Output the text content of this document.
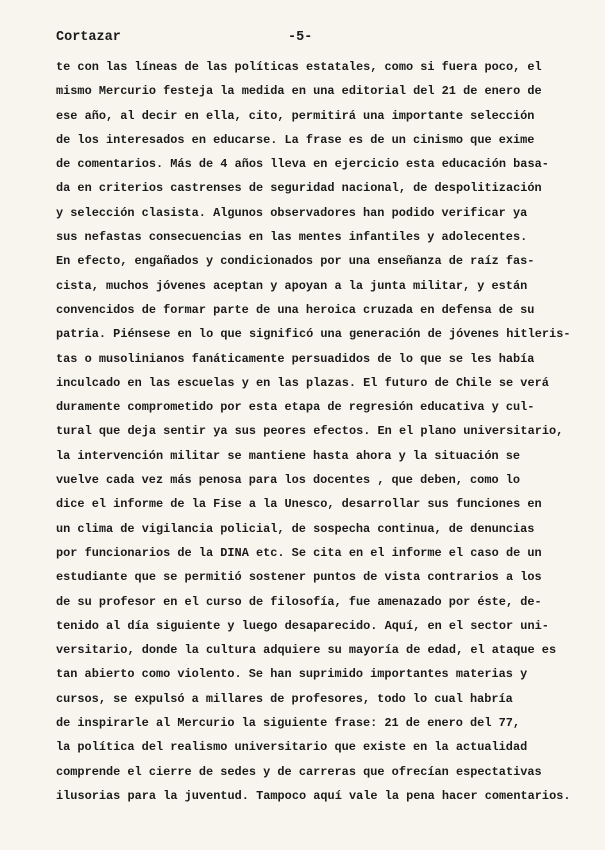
Cortazar	-5-
te con las líneas de las políticas estatales, como si fuera poco, el
mismo Mercurio festeja la medida en una editorial del 21 de enero de
ese año, al decir en ella, cito, permitirá una importante selección
de los interesados en educarse. La frase es de un cinismo que exime
de comentarios. Más de 4 años lleva en ejercicio esta educación basa-
da en criterios castrenses de seguridad nacional, de despolitización
y selección clasista. Algunos observadores han podido verificar ya
sus nefastas consecuencias en las mentes infantiles y adolecentes.
En efecto, engañados y condicionados por una enseñanza de raíz fas-
cista, muchos jóvenes aceptan y apoyan a la junta militar, y están
convencidos de formar parte de una heroica cruzada en defensa de su
patria. Piénsese en lo que significó una generación de jóvenes hitleris-
tas o musolinianos fanáticamente persuadidos de lo que se les había
inculcado en las escuelas y en las plazas. El futuro de Chile se verá
duramente comprometido por esta etapa de regresión educativa y cul-
tural que deja sentir ya sus peores efectos. En el plano universitario,
la intervención militar se mantiene hasta ahora y la situación se
vuelve cada vez más penosa para los docentes , que deben, como lo
dice el informe de la Fise a la Unesco, desarrollar sus funciones en
un clima de vigilancia policial, de sospecha continua, de denuncias
por funcionarios de la DINA etc. Se cita en el informe el caso de un
estudiante que se permitió sostener puntos de vista contrarios a los
de su profesor en el curso de filosofía, fue amenazado por éste, de-
tenido al día siguiente y luego desaparecido. Aquí, en el sector uni-
versitario, donde la cultura adquiere su mayoría de edad, el ataque es
tan abierto como violento. Se han suprimido importantes materias y
cursos, se expulsó a millares de profesores, todo lo cual habría
de inspirarle al Mercurio la siguiente frase: 21 de enero del 77,
la política del realismo universitario que existe en la actualidad
comprende el cierre de sedes y de carreras que ofrecían espectativas
ilusorias para la juventud. Tampoco aquí vale la pena hacer comentarios.
